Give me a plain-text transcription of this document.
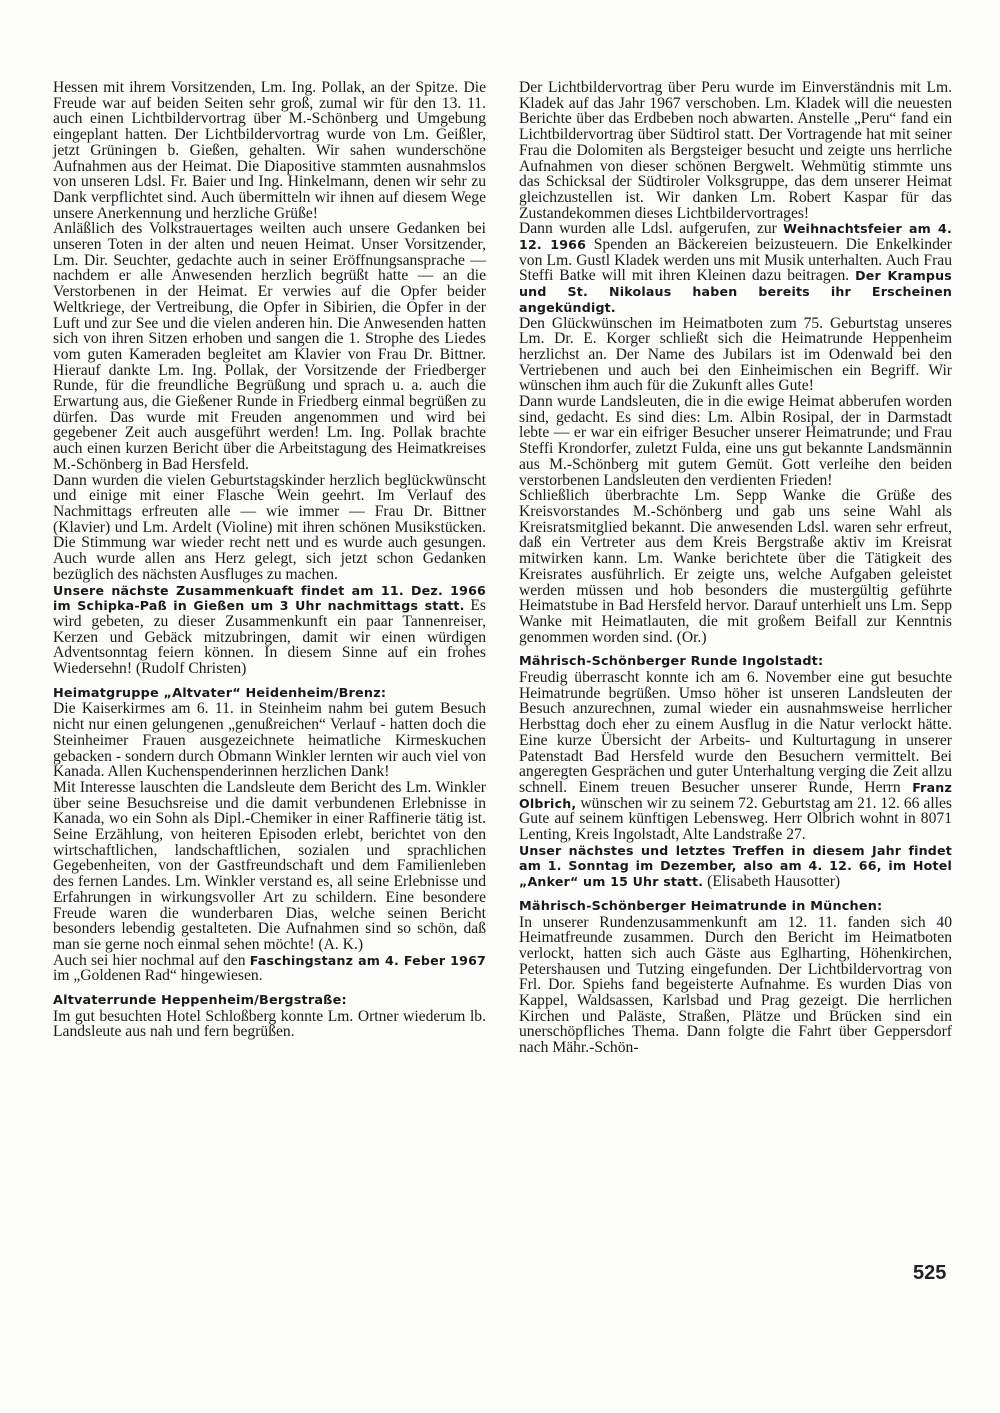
Hessen mit ihrem Vorsitzenden, Lm. Ing. Pollak, an der Spitze. Die Freude war auf beiden Seiten sehr groß, zumal wir für den 13. 11. auch einen Lichtbildervortrag über M.-Schönberg und Umgebung eingeplant hatten. Der Lichtbildervortrag wurde von Lm. Geißler, jetzt Grüningen b. Gießen, gehalten. Wir sahen wunderschöne Aufnahmen aus der Heimat. Die Diapositive stammten ausnahmslos von unseren Ldsl. Fr. Baier und Ing. Hinkelmann, denen wir sehr zu Dank verpflichtet sind. Auch übermitteln wir ihnen auf diesem Wege unsere Anerkennung und herzliche Grüße!

Anläßlich des Volkstrauertages weilten auch unsere Gedanken bei unseren Toten in der alten und neuen Heimat. Unser Vorsitzender, Lm. Dir. Seuchter, gedachte auch in seiner Eröffnungsansprache — nachdem er alle Anwesenden herzlich begrüßt hatte — an die Verstorbenen in der Heimat. Er verwies auf die Opfer beider Weltkriege, der Vertreibung, die Opfer in Sibirien, die Opfer in der Luft und zur See und die vielen anderen hin. Die Anwesenden hatten sich von ihren Sitzen erhoben und sangen die 1. Strophe des Liedes vom guten Kameraden begleitet am Klavier von Frau Dr. Bittner. Hierauf dankte Lm. Ing. Pollak, der Vorsitzende der Friedberger Runde, für die freundliche Begrüßung und sprach u. a. auch die Erwartung aus, die Gießener Runde in Friedberg einmal begrüßen zu dürfen. Das wurde mit Freuden angenommen und wird bei gegebener Zeit auch ausgeführt werden! Lm. Ing. Pollak brachte auch einen kurzen Bericht über die Arbeitstagung des Heimatkreises M.-Schönberg in Bad Hersfeld.

Dann wurden die vielen Geburtstagskinder herzlich beglückwünscht und einige mit einer Flasche Wein geehrt. Im Verlauf des Nachmittags erfreuten alle — wie immer — Frau Dr. Bittner (Klavier) und Lm. Ardelt (Violine) mit ihren schönen Musikstücken. Die Stimmung war wieder recht nett und es wurde auch gesungen. Auch wurde allen ans Herz gelegt, sich jetzt schon Gedanken bezüglich des nächsten Ausfluges zu machen.

Unsere nächste Zusammenkuaft findet am 11. Dez. 1966 im Schipka-Paß in Gießen um 3 Uhr nachmittags statt. Es wird gebeten, zu dieser Zusammenkunft ein paar Tannenreiser, Kerzen und Gebäck mitzubringen, damit wir einen würdigen Adventsonntag feiern können. In diesem Sinne auf ein frohes Wiedersehn! (Rudolf Christen)

Heimatgruppe „Altvater“ Heidenheim/Brenz:

Die Kaiserkirmes am 6. 11. in Steinheim nahm bei gutem Besuch nicht nur einen gelungenen „genußreichen“ Verlauf - hatten doch die Steinheimer Frauen ausgezeichnete heimatliche Kirmeskuchen gebacken - sondern durch Obmann Winkler lernten wir auch viel von Kanada. Allen Kuchenspenderinnen herzlichen Dank!

Mit Interesse lauschten die Landsleute dem Bericht des Lm. Winkler über seine Besuchsreise und die damit verbundenen Erlebnisse in Kanada, wo ein Sohn als Dipl.-Chemiker in einer Raffinerie tätig ist. Seine Erzählung, von heiteren Episoden erlebt, berichtet von den wirtschaftlichen, landschaftlichen, sozialen und sprachlichen Gegebenheiten, von der Gastfreundschaft und dem Familienleben des fernen Landes. Lm. Winkler verstand es, all seine Erlebnisse und Erfahrungen in wirkungsvoller Art zu schildern. Eine besondere Freude waren die wunderbaren Dias, welche seinen Bericht besonders lebendig gestalteten. Die Aufnahmen sind so schön, daß man sie gerne noch einmal sehen möchte! (A. K.)

Auch sei hier nochmal auf den Faschingstanz am 4. Feber 1967 im „Goldenen Rad“ hingewiesen.

Altvaterrunde Heppenheim/Bergstraße:

Im gut besuchten Hotel Schloßberg konnte Lm. Ortner wiederum lb. Landsleute aus nah und fern begrüßen.

Der Lichtbildervortrag über Peru wurde im Einverständnis mit Lm. Kladek auf das Jahr 1967 verschoben. Lm. Kladek will die neuesten Berichte über das Erdbeben noch abwarten. Anstelle „Peru“ fand ein Lichtbildervortrag über Südtirol statt. Der Vortragende hat mit seiner Frau die Dolomiten als Bergsteiger besucht und zeigte uns herrliche Aufnahmen von dieser schönen Bergwelt. Wehmütig stimmte uns das Schicksal der Südtiroler Volksgruppe, das dem unserer Heimat gleichzustellen ist. Wir danken Lm. Robert Kaspar für das Zustandekommen dieses Lichtbildervortrages!

Dann wurden alle Ldsl. aufgerufen, zur Weihnachtsfeier am 4. 12. 1966 Spenden an Bäckereien beizusteuern. Die Enkelkinder von Lm. Gustl Kladek werden uns mit Musik unterhalten. Auch Frau Steffi Batke will mit ihren Kleinen dazu beitragen. Der Krampus und St. Nikolaus haben bereits ihr Erscheinen angekündigt.

Den Glückwünschen im Heimatboten zum 75. Geburtstag unseres Lm. Dr. E. Korger schließt sich die Heimatrunde Heppenheim herzlichst an. Der Name des Jubilars ist im Odenwald bei den Vertriebenen und auch bei den Einheimischen ein Begriff. Wir wünschen ihm auch für die Zukunft alles Gute!

Dann wurde Landsleuten, die in die ewige Heimat abberufen worden sind, gedacht. Es sind dies: Lm. Albin Rosipal, der in Darmstadt lebte — er war ein eifriger Besucher unserer Heimatrunde; und Frau Steffi Krondorfer, zuletzt Fulda, eine uns gut bekannte Landsmännin aus M.-Schönberg mit gutem Gemüt. Gott verleihe den beiden verstorbenen Landsleuten den verdienten Frieden!

Schließlich überbrachte Lm. Sepp Wanke die Grüße des Kreisvorstandes M.-Schönberg und gab uns seine Wahl als Kreisratsmitglied bekannt. Die anwesenden Ldsl. waren sehr erfreut, daß ein Vertreter aus dem Kreis Bergstraße aktiv im Kreisrat mitwirken kann. Lm. Wanke berichtete über die Tätigkeit des Kreisrates ausführlich. Er zeigte uns, welche Aufgaben geleistet werden müssen und hob besonders die mustergültig geführte Heimatstube in Bad Hersfeld hervor. Darauf unterhielt uns Lm. Sepp Wanke mit Heimatlauten, die mit großem Beifall zur Kenntnis genommen worden sind. (Or.)

Mährisch-Schönberger Runde Ingolstadt:

Freudig überrascht konnte ich am 6. November eine gut besuchte Heimatrunde begrüßen. Umso höher ist unseren Landsleuten der Besuch anzurechnen, zumal wieder ein ausnahmsweise herrlicher Herbsttag doch eher zu einem Ausflug in die Natur verlockt hätte. Eine kurze Übersicht der Arbeits- und Kulturtagung in unserer Patenstadt Bad Hersfeld wurde den Besuchern vermittelt. Bei angeregten Gesprächen und guter Unterhaltung verging die Zeit allzu schnell. Einem treuen Besucher unserer Runde, Herrn Franz Olbrich, wünschen wir zu seinem 72. Geburtstag am 21. 12. 66 alles Gute auf seinem künftigen Lebensweg. Herr Olbrich wohnt in 8071 Lenting, Kreis Ingolstadt, Alte Landstraße 27.

Unser nächstes und letztes Treffen in diesem Jahr findet am 1. Sonntag im Dezember, also am 4. 12. 66, im Hotel „Anker“ um 15 Uhr statt. (Elisabeth Hausotter)

Mährisch-Schönberger Heimatrunde in München:

In unserer Rundenzusammenkunft am 12. 11. fanden sich 40 Heimatfreunde zusammen. Durch den Bericht im Heimatboten verlockt, hatten sich auch Gäste aus Eglharting, Höhenkirchen, Petershausen und Tutzing eingefunden. Der Lichtbildervortrag von Frl. Dor. Spiehs fand begeisterte Aufnahme. Es wurden Dias von Kappel, Waldsassen, Karlsbad und Prag gezeigt. Die herrlichen Kirchen und Paläste, Straßen, Plätze und Brücken sind ein unerschöpfliches Thema. Dann folgte die Fahrt über Geppersdorf nach Mähr.-Schön-

525
